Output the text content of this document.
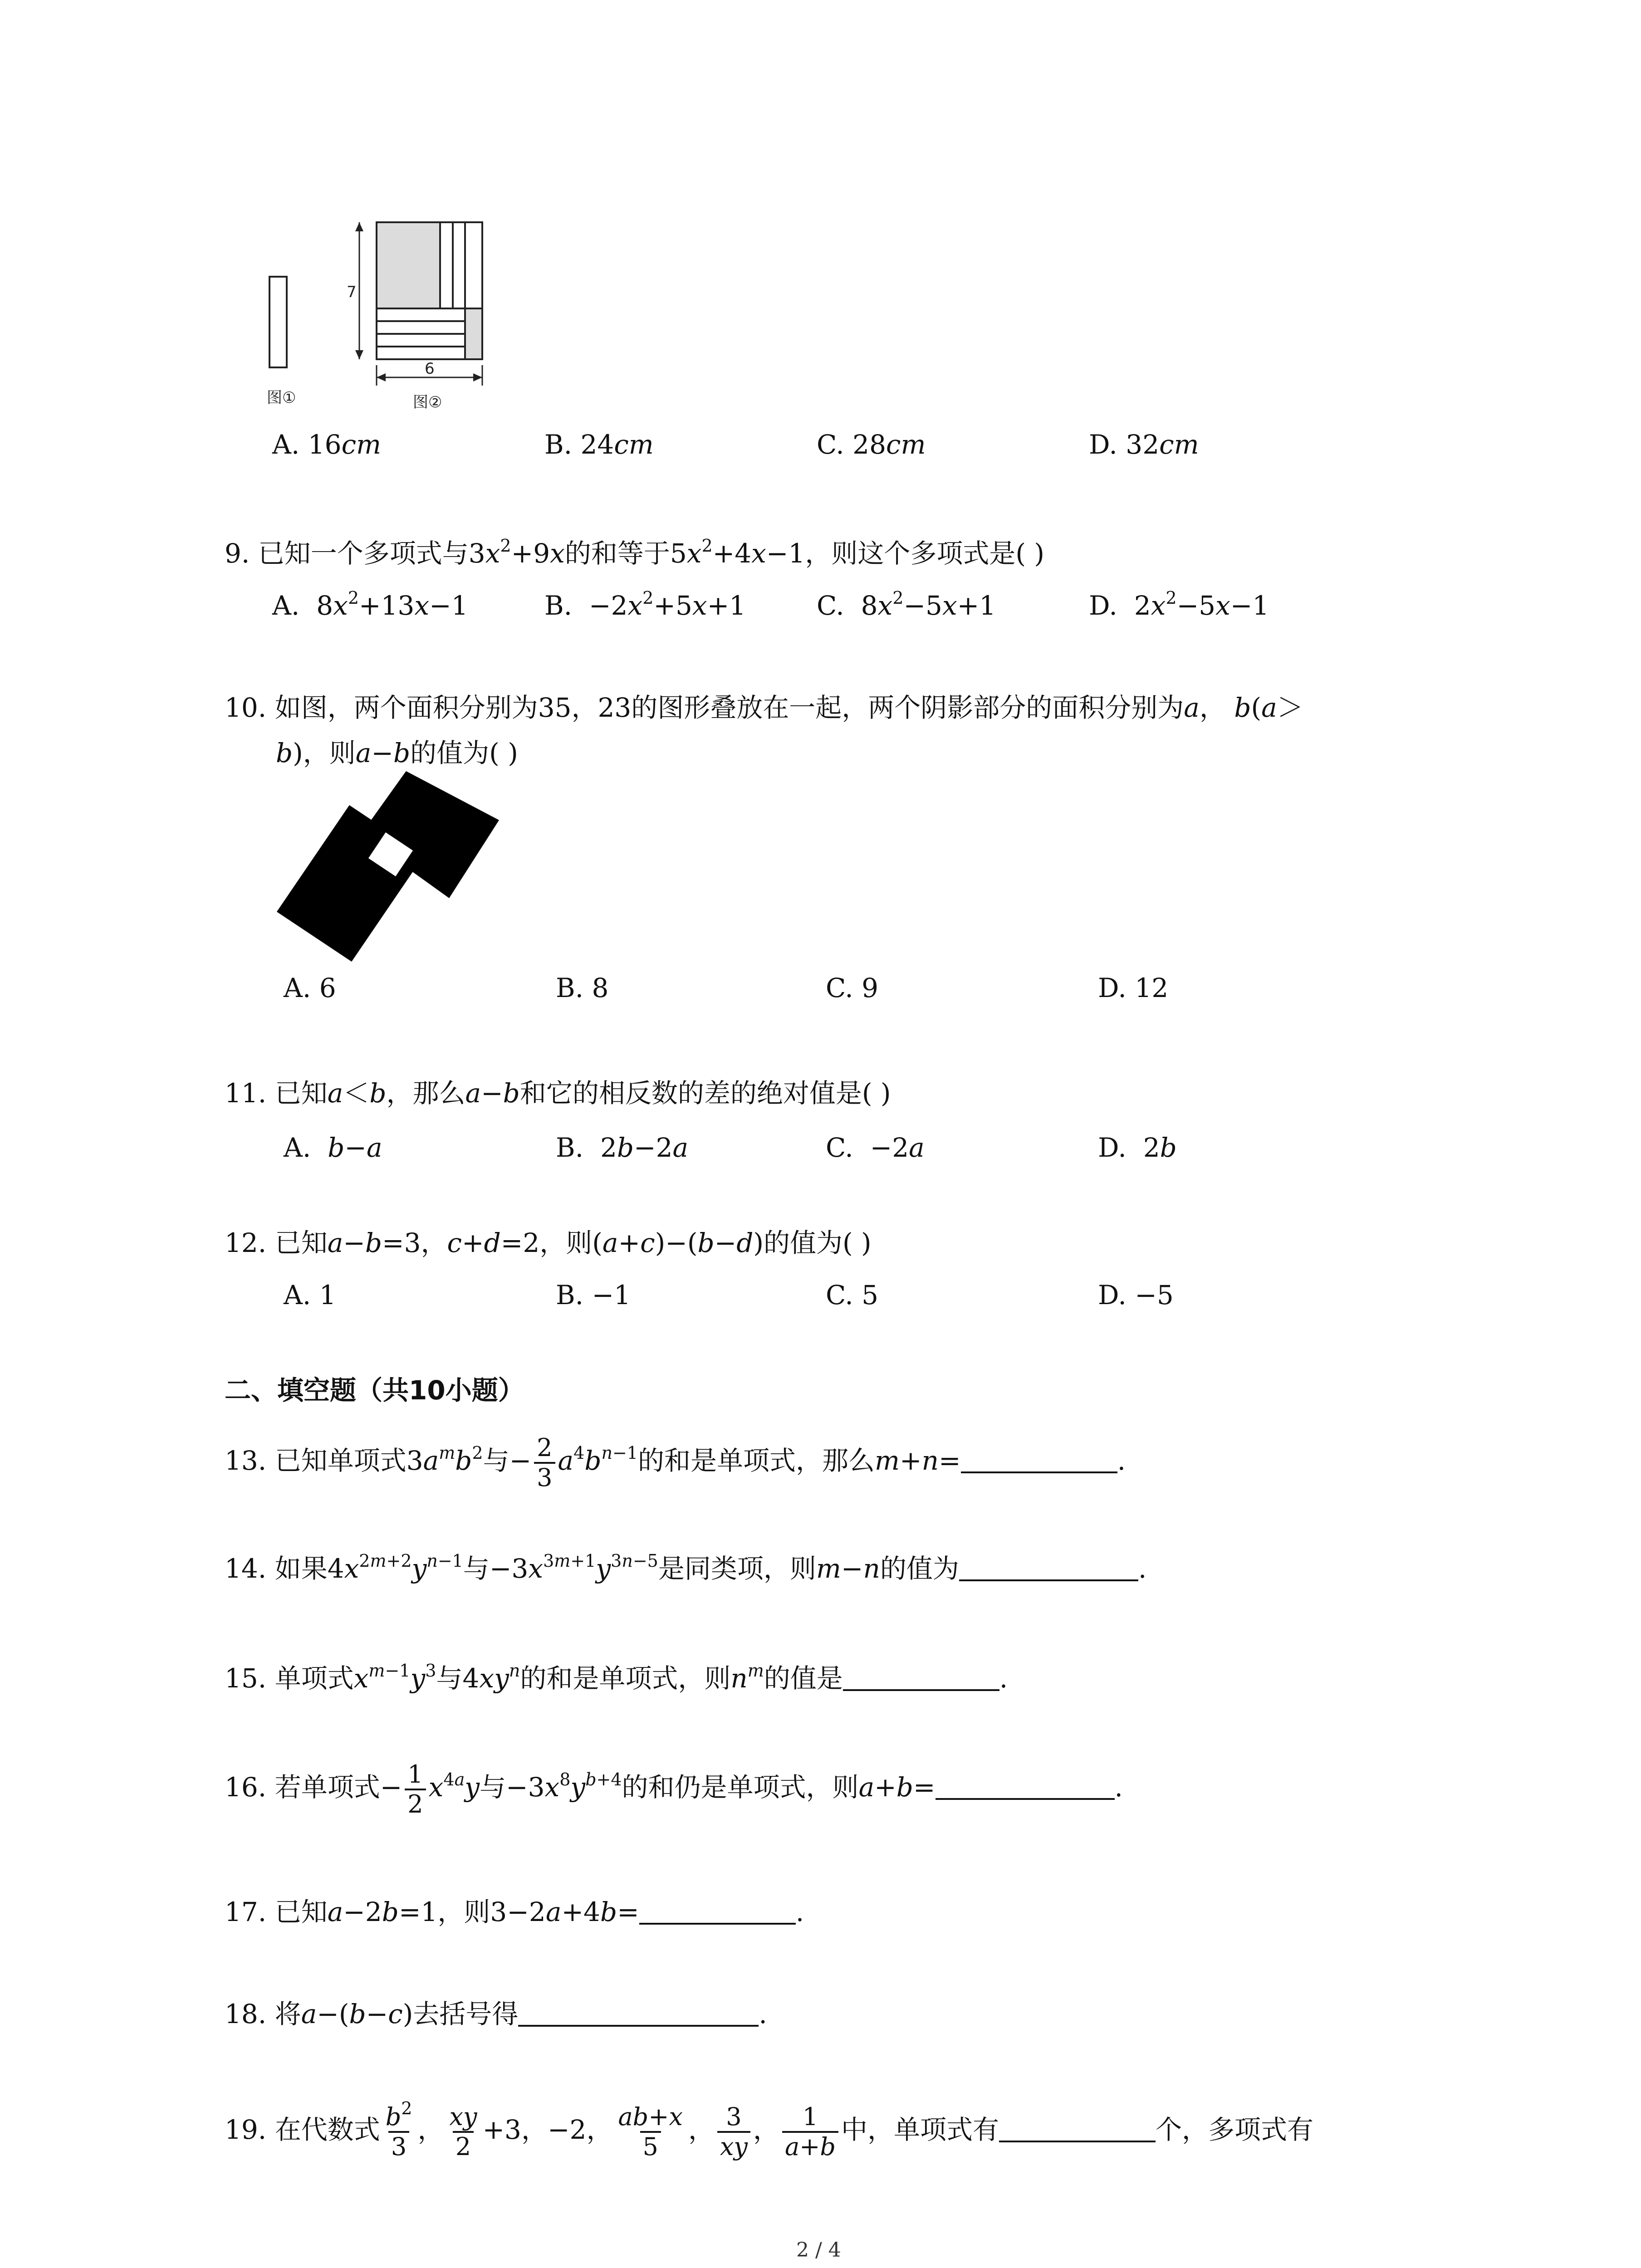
图①
7
6
图②
A. 16cm	B. 24cm	C. 28cm	D. 32cm
9. 已知一个多项式与$3x^2+9x$的和等于$5x^2+4x-1$，则这个多项式是( )
A. $8x^2+13x-1$	B. $-2x^2+5x+1$	C. $8x^2-5x+1$	D. $2x^2-5x-1$
10. 如图，两个面积分别为35，23的图形叠放在一起，两个阴影部分的面积分别为a， b(a＞
b)，则a−b的值为( )
A. 6	B. 8	C. 9	D. 12
11. 已知a＜b，那么a−b和它的相反数的差的绝对值是( )
A. b−a	B. 2b−2a	C. −2a	D. 2b
12. 已知a−b=3，c+d=2，则(a+c)−(b−d)的值为( )
A. 1	B. −1	C. 5	D. −5
二、填空题（共10小题）
13. 已知单项式$3a^mb^2$与− $\frac{2}{3} a^4b^{n-1}$的和是单项式，那么m+n=	.
14. 如果$4x^{2m+2}y^{n-1}$与$-3x^{3m+1}y^{3n-5}$是同类项，则m−n的值为	.
15. 单项式$x^{m-1}y^3$与$4xy^n$的和是单项式，则$n^m$的值是	.
16. 若单项式− $\frac{1}{2} x^{4a}y$与$-3x^8y^{b+4}$的和仍是单项式，则a+b=	.
17. 已知a−2b=1，则3−2a+4b=	.
18. 将a−(b−c)去括号得	.
19. 在代数式 $\frac{b^2}{3}$ ， $\frac{xy}{2} +3$，−2， $\frac{ab+x}{5}$ ， $\frac{3}{xy}$ ， $\frac{1}{a+b}$ 中，单项式有	个，多项式有
2 / 4
